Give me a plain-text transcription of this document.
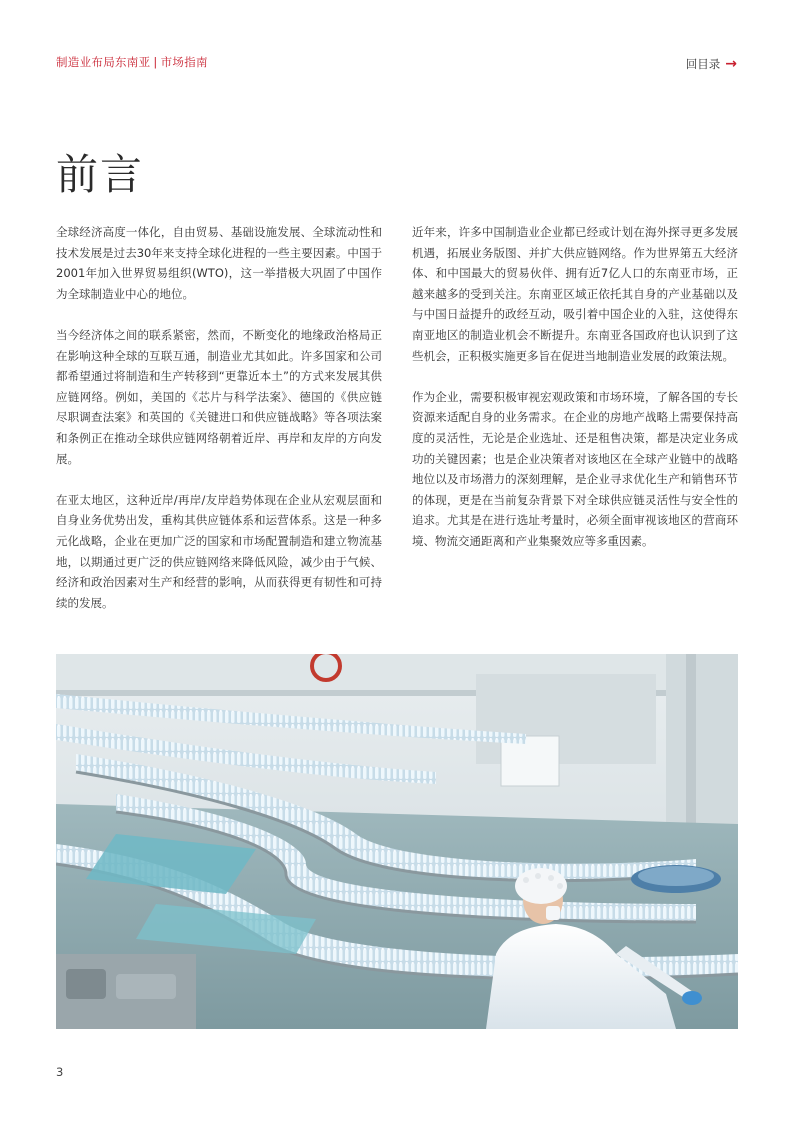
制造业布局东南亚 | 市场指南	回目录 →
前言

全球经济高度一体化，自由贸易、基础设施发展、全球流动性和技术发展是过去30年来支持全球化进程的一些主要因素。中国于2001年加入世界贸易组织(WTO)，这一举措极大巩固了中国作为全球制造业中心的地位。

当今经济体之间的联系紧密，然而，不断变化的地缘政治格局正在影响这种全球的互联互通，制造业尤其如此。许多国家和公司都希望通过将制造和生产转移到“更靠近本土”的方式来发展其供应链网络。例如，美国的《芯片与科学法案》、德国的《供应链尽职调查法案》和英国的《关键进口和供应链战略》等各项法案和条例正在推动全球供应链网络朝着近岸、再岸和友岸的方向发展。

在亚太地区，这种近岸/再岸/友岸趋势体现在企业从宏观层面和自身业务优势出发，重构其供应链体系和运营体系。这是一种多元化战略，企业在更加广泛的国家和市场配置制造和建立物流基地，以期通过更广泛的供应链网络来降低风险，减少由于气候、经济和政治因素对生产和经营的影响，从而获得更有韧性和可持续的发展。

近年来，许多中国制造业企业都已经或计划在海外探寻更多发展机遇，拓展业务版图、并扩大供应链网络。作为世界第五大经济体、和中国最大的贸易伙伴、拥有近7亿人口的东南亚市场，正越来越多的受到关注。东南亚区域正依托其自身的产业基础以及与中国日益提升的政经互动，吸引着中国企业的入驻，这使得东南亚地区的制造业机会不断提升。东南亚各国政府也认识到了这些机会，正积极实施更多旨在促进当地制造业发展的政策法规。

作为企业，需要积极审视宏观政策和市场环境，了解各国的专长资源来适配自身的业务需求。在企业的房地产战略上需要保持高度的灵活性，无论是企业选址、还是租售决策，都是决定业务成功的关键因素；也是企业决策者对该地区在全球产业链中的战略地位以及市场潜力的深刻理解，是企业寻求优化生产和销售环节的体现，更是在当前复杂背景下对全球供应链灵活性与安全性的追求。尤其是在进行选址考量时，必须全面审视该地区的营商环境、物流交通距离和产业集聚效应等多重因素。

3
